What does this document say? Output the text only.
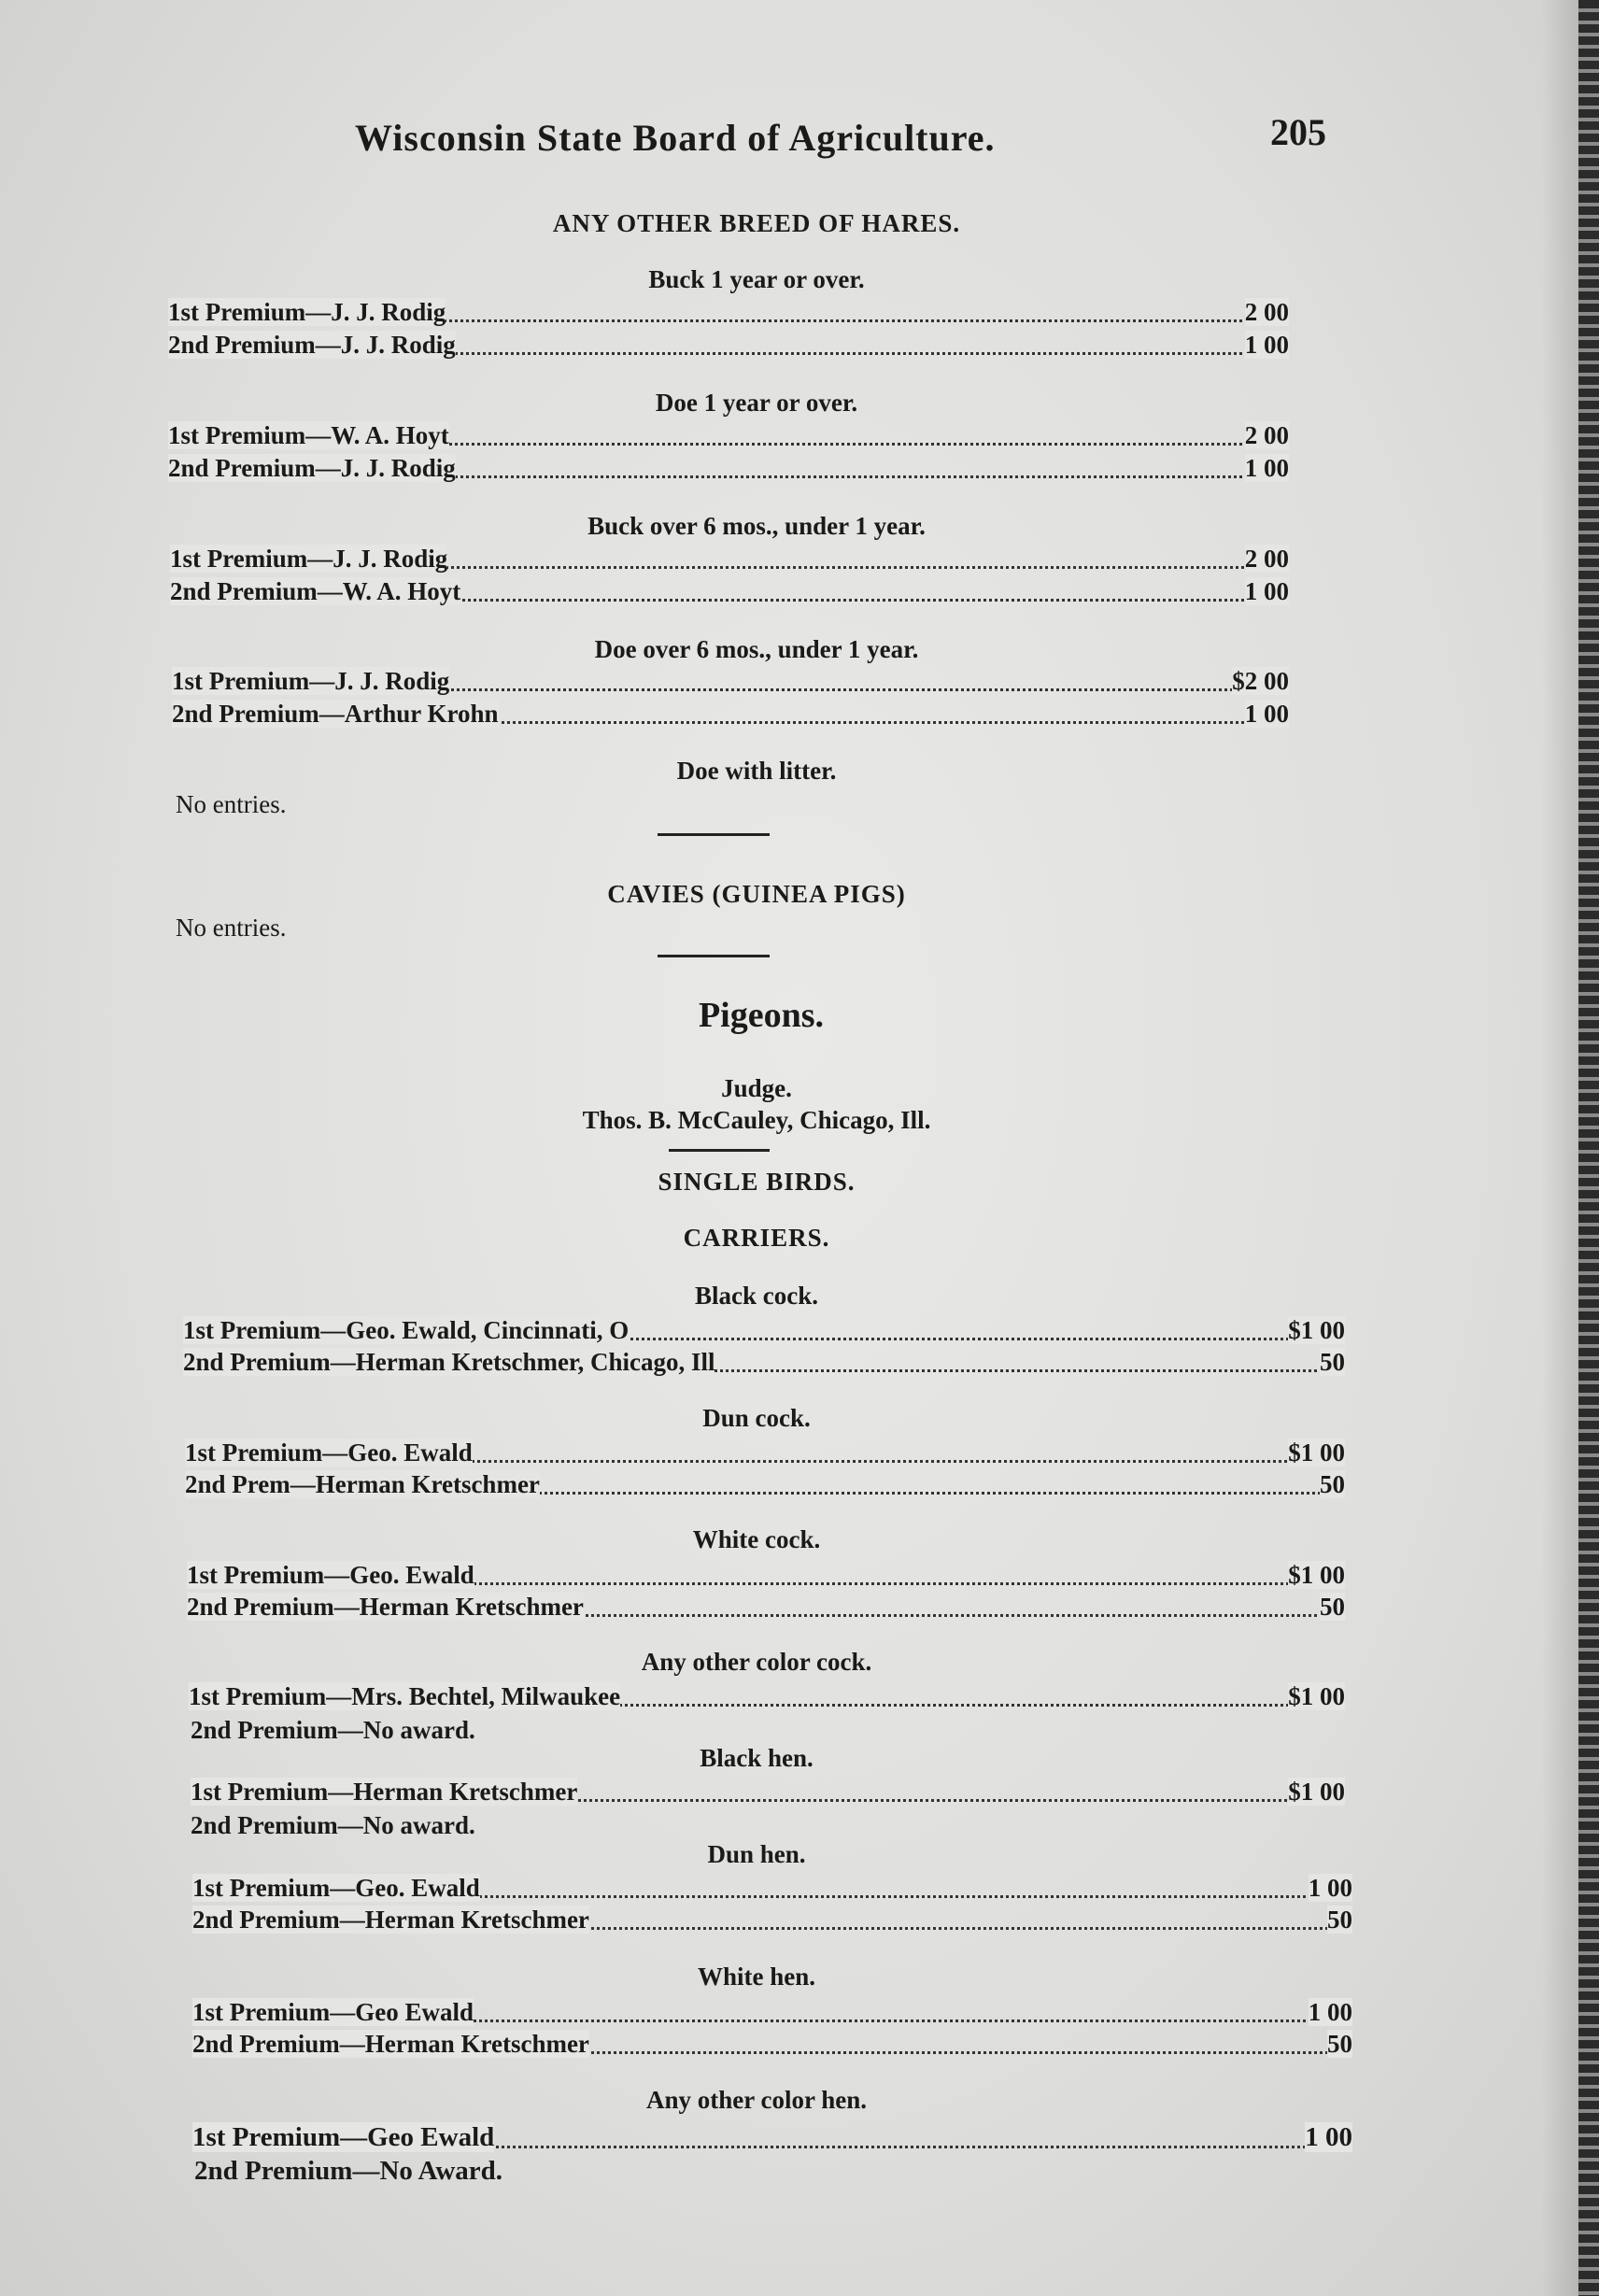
Wisconsin State Board of Agriculture.	205
ANY OTHER BREED OF HARES.
Buck 1 year or over.
1st Premium—J. J. Rodig	2 00
2nd Premium—J. J. Rodig	1 00
Doe 1 year or over.
1st Premium—W. A. Hoyt	2 00
2nd Premium—J. J. Rodig	1 00
Buck over 6 mos., under 1 year.
1st Premium—J. J. Rodig	2 00
2nd Premium—W. A. Hoyt	1 00
Doe over 6 mos., under 1 year.
1st Premium—J. J. Rodig	$2 00
2nd Premium—Arthur Krohn	1 00
Doe with litter.
No entries.
CAVIES (GUINEA PIGS)
No entries.
Pigeons.
Judge.
Thos. B. McCauley, Chicago, Ill.
SINGLE BIRDS.
CARRIERS.
Black cock.
1st Premium—Geo. Ewald, Cincinnati, O	$1 00
2nd Premium—Herman Kretschmer, Chicago, Ill	50
Dun cock.
1st Premium—Geo. Ewald	$1 00
2nd Prem—Herman Kretschmer	50
White cock.
1st Premium—Geo. Ewald	$1 00
2nd Premium—Herman Kretschmer	50
Any other color cock.
1st Premium—Mrs. Bechtel, Milwaukee	$1 00
2nd Premium—No award.
Black hen.
1st Premium—Herman Kretschmer	$1 00
2nd Premium—No award.
Dun hen.
1st Premium—Geo. Ewald	1 00
2nd Premium—Herman Kretschmer	50
White hen.
1st Premium—Geo Ewald	1 00
2nd Premium—Herman Kretschmer	50
Any other color hen.
1st Premium—Geo Ewald	1 00
2nd Premium—No Award.
